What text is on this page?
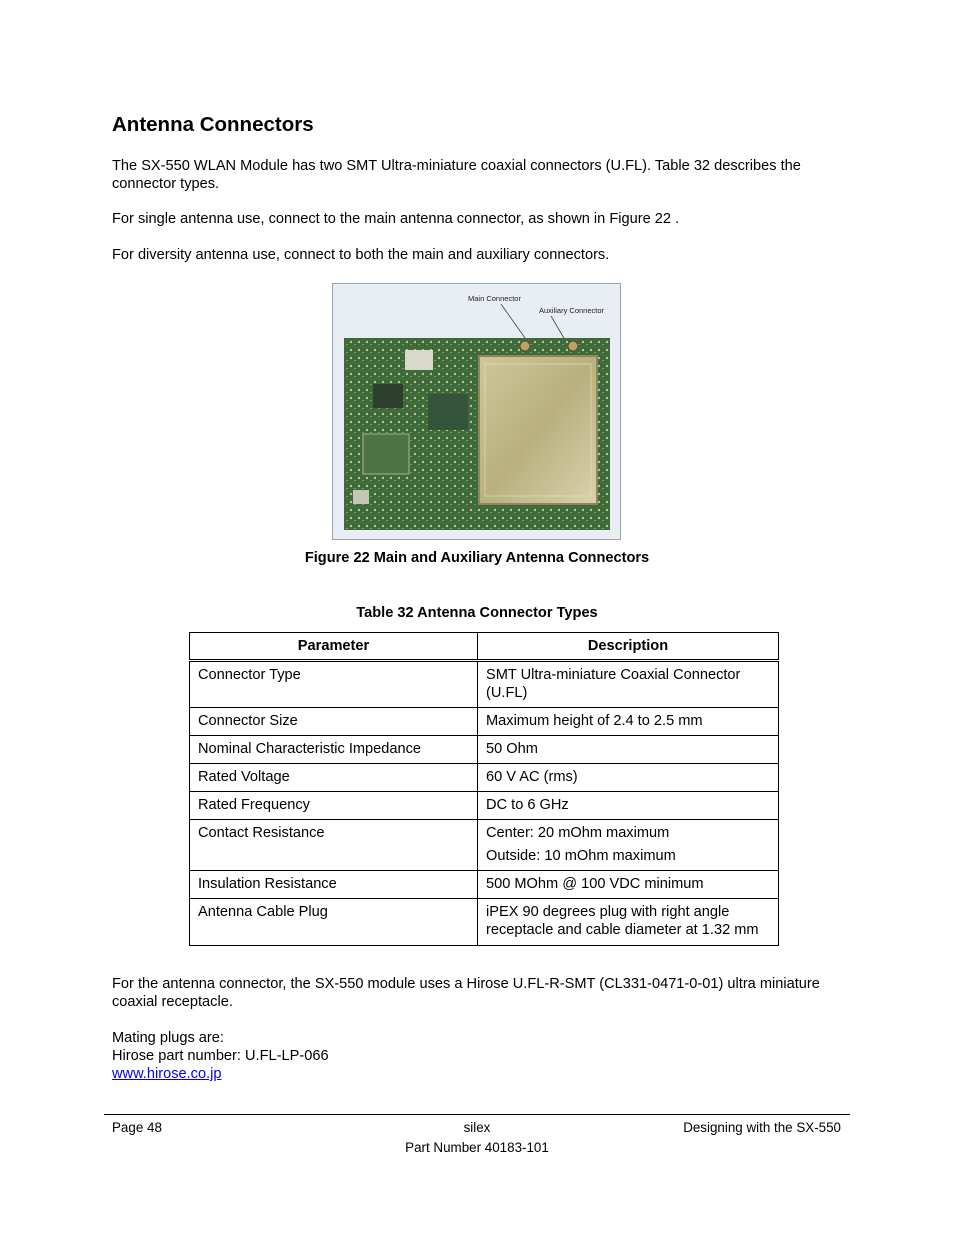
Antenna Connectors

The SX-550 WLAN Module has two SMT Ultra-miniature coaxial connectors (U.FL). Table 32 describes the connector types.

For single antenna use, connect to the main antenna connector, as shown in Figure 22 .

For diversity antenna use, connect to both the main and auxiliary connectors.

Main Connector
Auxiliary Connector
Figure 22 Main and Auxiliary Antenna Connectors
Table 32 Antenna Connector Types
Parameter	Description
Connector Type	SMT Ultra-miniature Coaxial Connector (U.FL)
Connector Size	Maximum height of 2.4 to 2.5 mm
Nominal Characteristic Impedance	50 Ohm
Rated Voltage	60 V AC (rms)
Rated Frequency	DC to 6 GHz
Contact Resistance	Center: 20 mOhm maximum
Outside: 10 mOhm maximum

Insulation Resistance	500 MOhm @ 100 VDC minimum
Antenna Cable Plug	iPEX 90 degrees plug with right angle receptacle and cable diameter at 1.32 mm

For the antenna connector, the SX-550 module uses a Hirose U.FL-R-SMT (CL331-0471-0-01) ultra miniature coaxial receptacle.

Mating plugs are:
Hirose part number: U.FL-LP-066
www.hirose.co.jp
Page 48	silex	Designing with the SX-550
Part Number 40183-101
